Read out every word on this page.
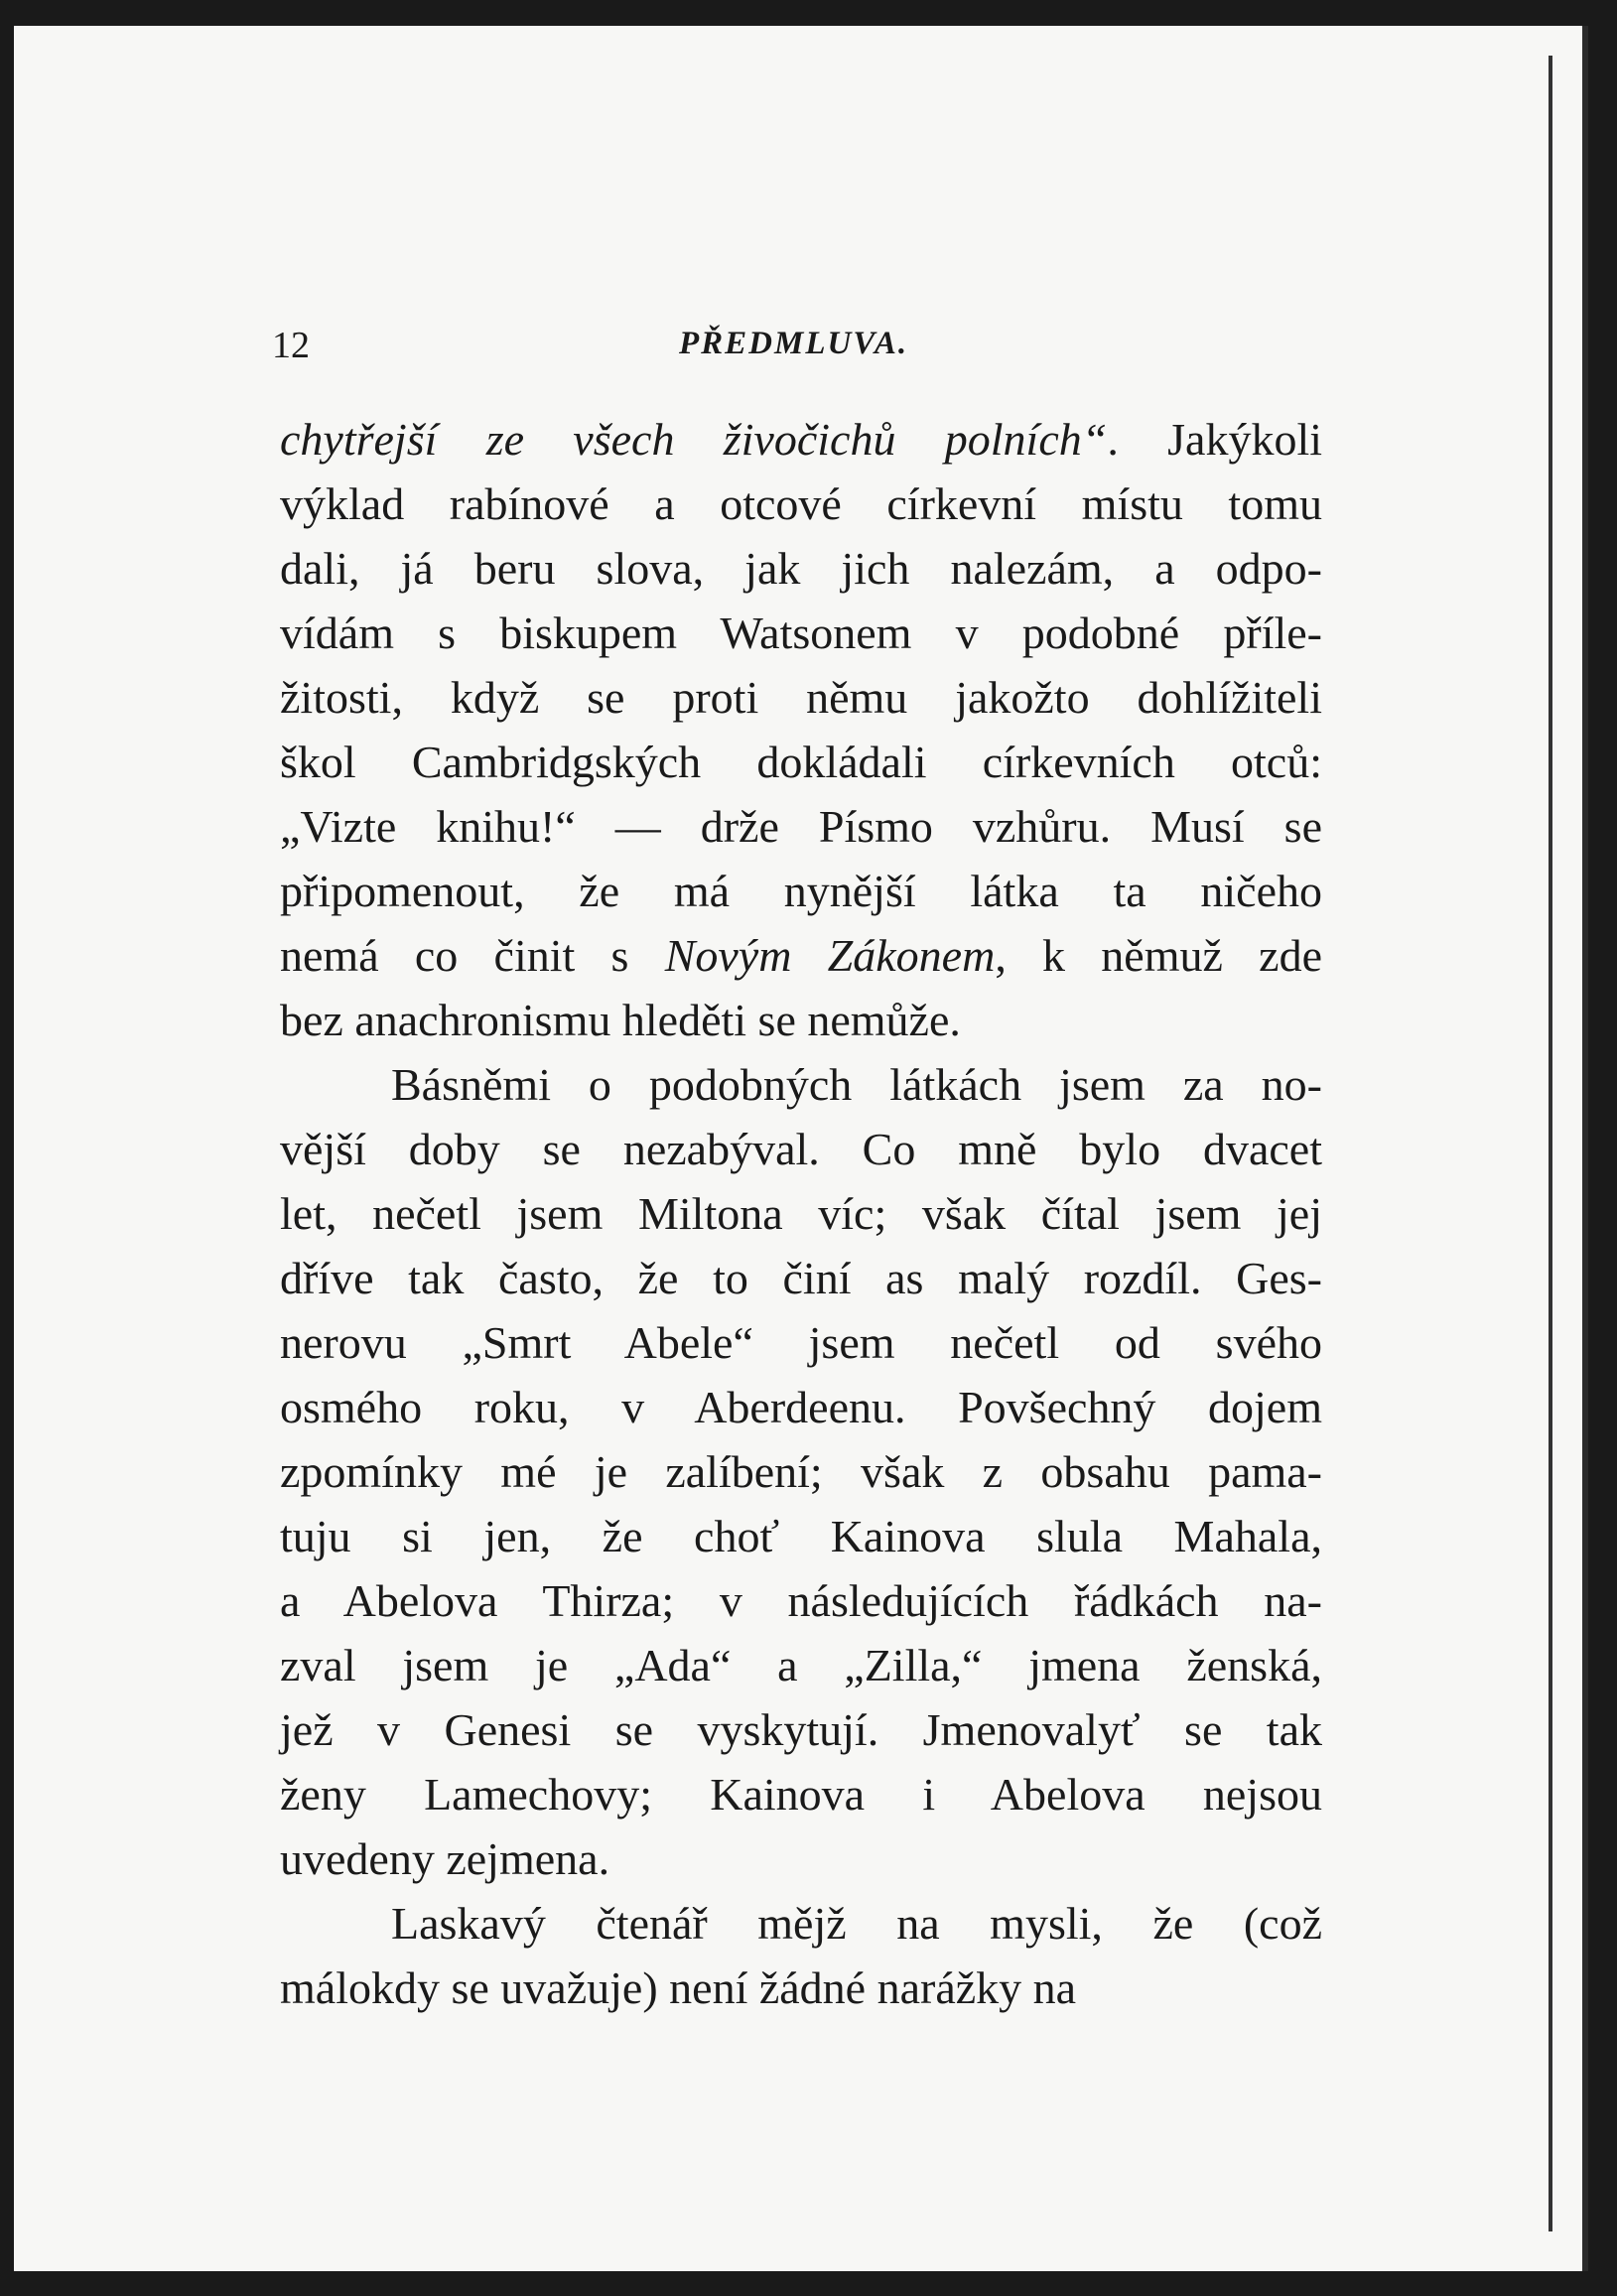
12	PŘEDMLUVA.
chytřejší ze všech živočichů polních“. Jakýkoli
výklad rabínové a otcové církevní místu tomu
dali, já beru slova, jak jich nalezám, a odpo-
vídám s biskupem Watsonem v podobné příle-
žitosti, když se proti němu jakožto dohlížiteli
škol Cambridgských dokládali církevních otců:
„Vizte knihu!“ — drže Písmo vzhůru. Musí se
připomenout, že má nynější látka ta ničeho
nemá co činit s Novým Zákonem, k němuž zde
bez anachronismu hleděti se nemůže.
Básněmi o podobných látkách jsem za no-
vější doby se nezabýval. Co mně bylo dvacet
let, nečetl jsem Miltona víc; však čítal jsem jej
dříve tak často, že to činí as malý rozdíl. Ges-
nerovu „Smrt Abele“ jsem nečetl od svého
osmého roku, v Aberdeenu. Povšechný dojem
zpomínky mé je zalíbení; však z obsahu pama-
tuju si jen, že choť Kainova slula Mahala,
a Abelova Thirza; v následujících řádkách na-
zval jsem je „Ada“ a „Zilla,“ jmena ženská,
jež v Genesi se vyskytují. Jmenovalyť se tak
ženy Lamechovy; Kainova i Abelova nejsou
uvedeny zejmena.
Laskavý čtenář mějž na mysli, že (což
málokdy se uvažuje) není žádné narážky na
